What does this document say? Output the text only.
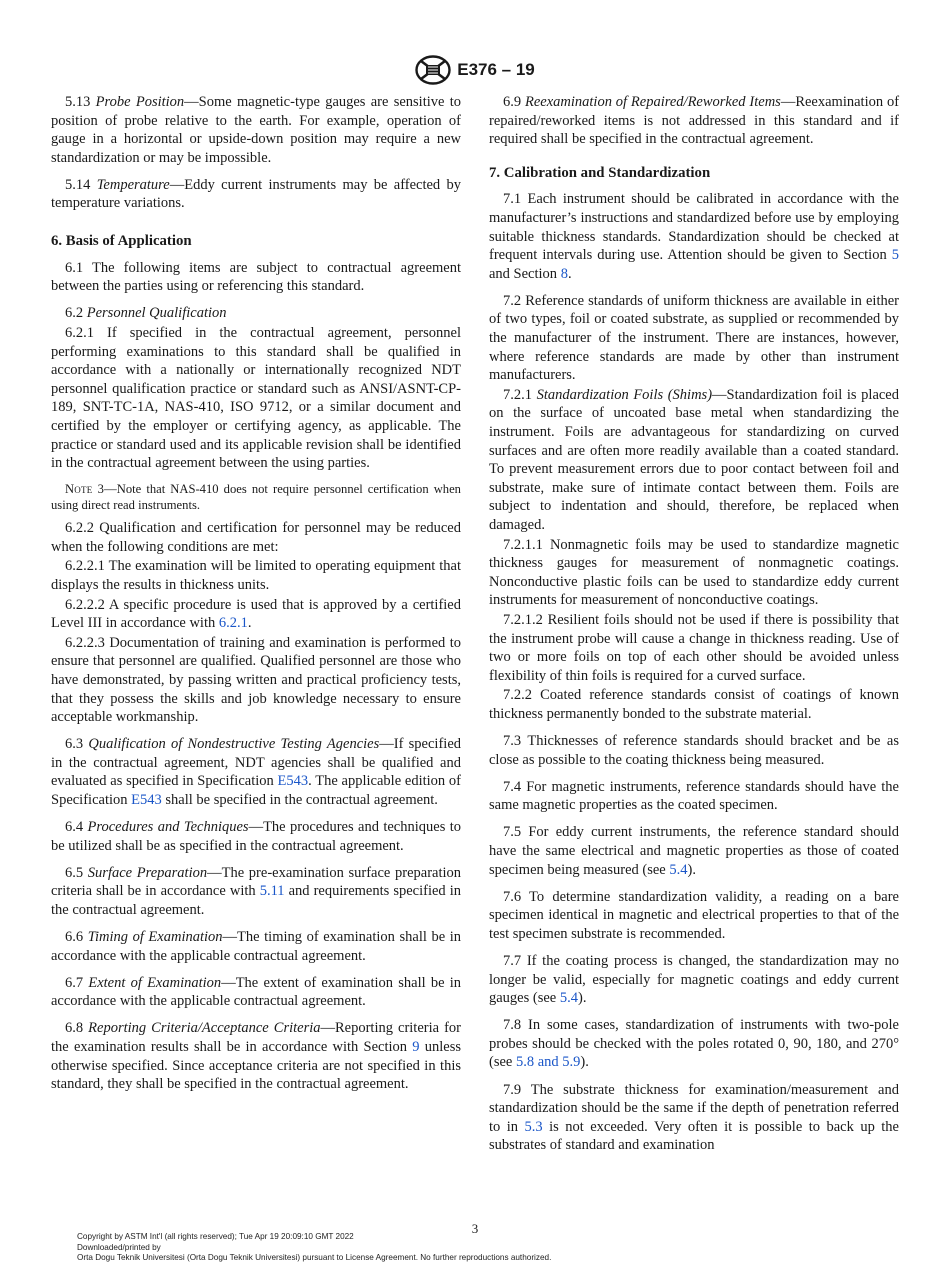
E376 – 19

5.13 Probe Position—Some magnetic-type gauges are sensitive to position of probe relative to the earth. For example, operation of gauge in a horizontal or upside-down position may require a new standardization or may be impossible.

5.14 Temperature—Eddy current instruments may be affected by temperature variations.

6. Basis of Application

6.1 The following items are subject to contractual agreement between the parties using or referencing this standard.

6.2 Personnel Qualification

6.2.1 If specified in the contractual agreement, personnel performing examinations to this standard shall be qualified in accordance with a nationally or internationally recognized NDT personnel qualification practice or standard such as ANSI/ASNT-CP-189, SNT-TC-1A, NAS-410, ISO 9712, or a similar document and certified by the employer or certifying agency, as applicable. The practice or standard used and its applicable revision shall be identified in the contractual agreement between the using parties.

Note 3—Note that NAS-410 does not require personnel certification when using direct read instruments.

6.2.2 Qualification and certification for personnel may be reduced when the following conditions are met:

6.2.2.1 The examination will be limited to operating equipment that displays the results in thickness units.

6.2.2.2 A specific procedure is used that is approved by a certified Level III in accordance with 6.2.1.

6.2.2.3 Documentation of training and examination is performed to ensure that personnel are qualified. Qualified personnel are those who have demonstrated, by passing written and practical proficiency tests, that they possess the skills and job knowledge necessary to ensure acceptable workmanship.

6.3 Qualification of Nondestructive Testing Agencies—If specified in the contractual agreement, NDT agencies shall be qualified and evaluated as specified in Specification E543. The applicable edition of Specification E543 shall be specified in the contractual agreement.

6.4 Procedures and Techniques—The procedures and techniques to be utilized shall be as specified in the contractual agreement.

6.5 Surface Preparation—The pre-examination surface preparation criteria shall be in accordance with 5.11 and requirements specified in the contractual agreement.

6.6 Timing of Examination—The timing of examination shall be in accordance with the applicable contractual agreement.

6.7 Extent of Examination—The extent of examination shall be in accordance with the applicable contractual agreement.

6.8 Reporting Criteria/Acceptance Criteria—Reporting criteria for the examination results shall be in accordance with Section 9 unless otherwise specified. Since acceptance criteria are not specified in this standard, they shall be specified in the contractual agreement.

6.9 Reexamination of Repaired/Reworked Items—Reexamination of repaired/reworked items is not addressed in this standard and if required shall be specified in the contractual agreement.

7. Calibration and Standardization

7.1 Each instrument should be calibrated in accordance with the manufacturer’s instructions and standardized before use by employing suitable thickness standards. Standardization should be checked at frequent intervals during use. Attention should be given to Section 5 and Section 8.

7.2 Reference standards of uniform thickness are available in either of two types, foil or coated substrate, as supplied or recommended by the manufacturer of the instrument. There are instances, however, where reference standards are made by other than instrument manufacturers.

7.2.1 Standardization Foils (Shims)—Standardization foil is placed on the surface of uncoated base metal when standardizing the instrument. Foils are advantageous for standardizing on curved surfaces and are often more readily available than a coated standard. To prevent measurement errors due to poor contact between foil and substrate, make sure of intimate contact between them. Foils are subject to indentation and should, therefore, be replaced when damaged.

7.2.1.1 Nonmagnetic foils may be used to standardize magnetic thickness gauges for measurement of nonmagnetic coatings. Nonconductive plastic foils can be used to standardize eddy current instruments for measurement of nonconductive coatings.

7.2.1.2 Resilient foils should not be used if there is possibility that the instrument probe will cause a change in thickness reading. Use of two or more foils on top of each other should be avoided unless flexibility of thin foils is required for a curved surface.

7.2.2 Coated reference standards consist of coatings of known thickness permanently bonded to the substrate material.

7.3 Thicknesses of reference standards should bracket and be as close as possible to the coating thickness being measured.

7.4 For magnetic instruments, reference standards should have the same magnetic properties as the coated specimen.

7.5 For eddy current instruments, the reference standard should have the same electrical and magnetic properties as those of coated specimen being measured (see 5.4).

7.6 To determine standardization validity, a reading on a bare specimen identical in magnetic and electrical properties to that of the test specimen substrate is recommended.

7.7 If the coating process is changed, the standardization may no longer be valid, especially for magnetic coatings and eddy current gauges (see 5.4).

7.8 In some cases, standardization of instruments with two-pole probes should be checked with the poles rotated 0, 90, 180, and 270° (see 5.8 and 5.9).

7.9 The substrate thickness for examination/measurement and standardization should be the same if the depth of penetration referred to in 5.3 is not exceeded. Very often it is possible to back up the substrates of standard and examination

3
Copyright by ASTM Int'l (all rights reserved); Tue Apr 19 20:09:10 GMT 2022
Downloaded/printed by
Orta Dogu Teknik Universitesi (Orta Dogu Teknik Universitesi) pursuant to License Agreement. No further reproductions authorized.
